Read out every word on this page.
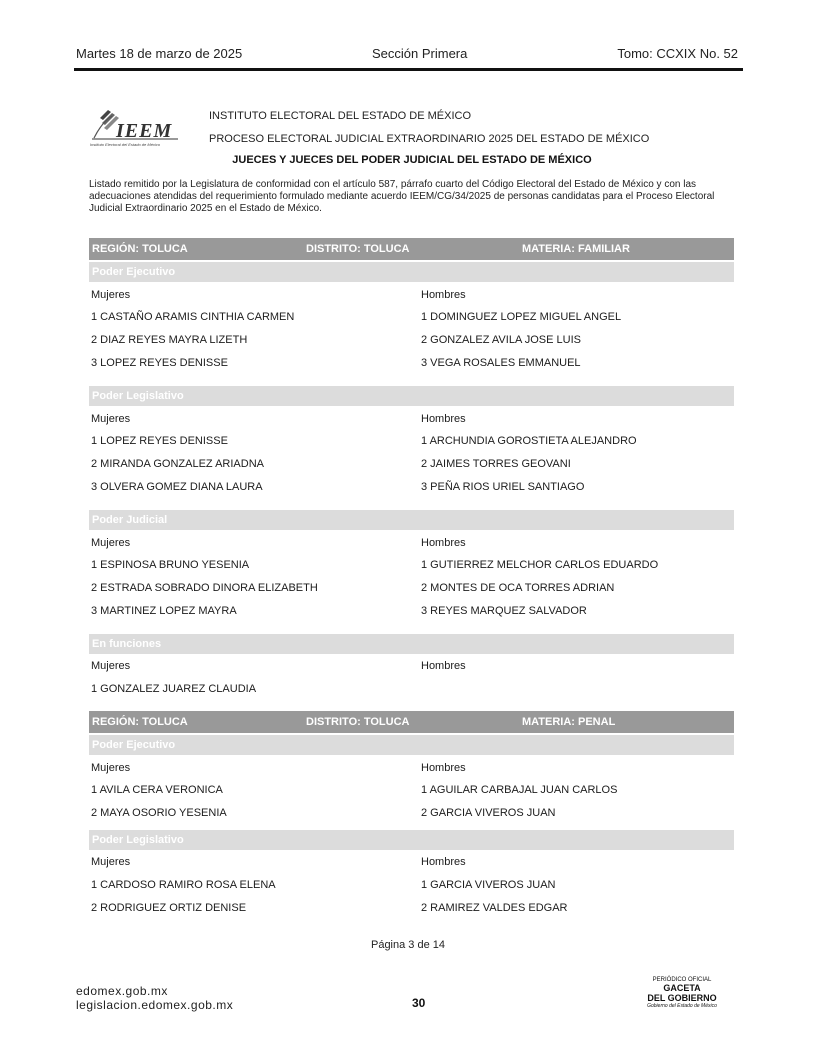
Martes 18 de marzo de 2025	Sección Primera	Tomo: CCXIX No. 52
IEEM
Instituto Electoral del Estado de México
INSTITUTO ELECTORAL DEL ESTADO DE MÉXICO
PROCESO ELECTORAL JUDICIAL EXTRAORDINARIO 2025 DEL ESTADO DE MÉXICO
JUECES Y JUECES DEL PODER JUDICIAL DEL ESTADO DE MÉXICO
Listado remitido por la Legislatura de conformidad con el artículo 587, párrafo cuarto del Código Electoral del Estado de México y con las adecuaciones atendidas del requerimiento formulado mediante acuerdo IEEM/CG/34/2025 de personas candidatas para el Proceso Electoral Judicial Extraordinario 2025 en el Estado de México.
REGIÓN: TOLUCA	DISTRITO: TOLUCA	MATERIA: FAMILIAR
Poder Ejecutivo
Mujeres	Hombres
1 CASTAÑO ARAMIS CINTHIA CARMEN	1 DOMINGUEZ LOPEZ MIGUEL ANGEL
2 DIAZ REYES MAYRA LIZETH	2 GONZALEZ AVILA JOSE LUIS
3 LOPEZ REYES DENISSE	3 VEGA ROSALES EMMANUEL
Poder Legislativo
Mujeres	Hombres
1 LOPEZ REYES DENISSE	1 ARCHUNDIA GOROSTIETA ALEJANDRO
2 MIRANDA GONZALEZ ARIADNA	2 JAIMES TORRES GEOVANI
3 OLVERA GOMEZ DIANA LAURA	3 PEÑA RIOS URIEL SANTIAGO
Poder Judicial
Mujeres	Hombres
1 ESPINOSA BRUNO YESENIA	1 GUTIERREZ MELCHOR CARLOS EDUARDO
2 ESTRADA SOBRADO DINORA ELIZABETH	2 MONTES DE OCA TORRES ADRIAN
3 MARTINEZ LOPEZ MAYRA	3 REYES MARQUEZ SALVADOR
En funciones
Mujeres	Hombres
1 GONZALEZ JUAREZ CLAUDIA
REGIÓN: TOLUCA	DISTRITO: TOLUCA	MATERIA: PENAL
Poder Ejecutivo
Mujeres	Hombres
1 AVILA CERA VERONICA	1 AGUILAR CARBAJAL JUAN CARLOS
2 MAYA OSORIO YESENIA	2 GARCIA VIVEROS JUAN
Poder Legislativo
Mujeres	Hombres
1 CARDOSO RAMIRO ROSA ELENA	1 GARCIA VIVEROS JUAN
2 RODRIGUEZ ORTIZ DENISE	2 RAMIREZ VALDES EDGAR
Página 3 de 14
edomex.gob.mx
legislacion.edomex.gob.mx	30
PERIÓDICO OFICIAL
GACETA
DEL GOBIERNO
Gobierno del Estado de México
